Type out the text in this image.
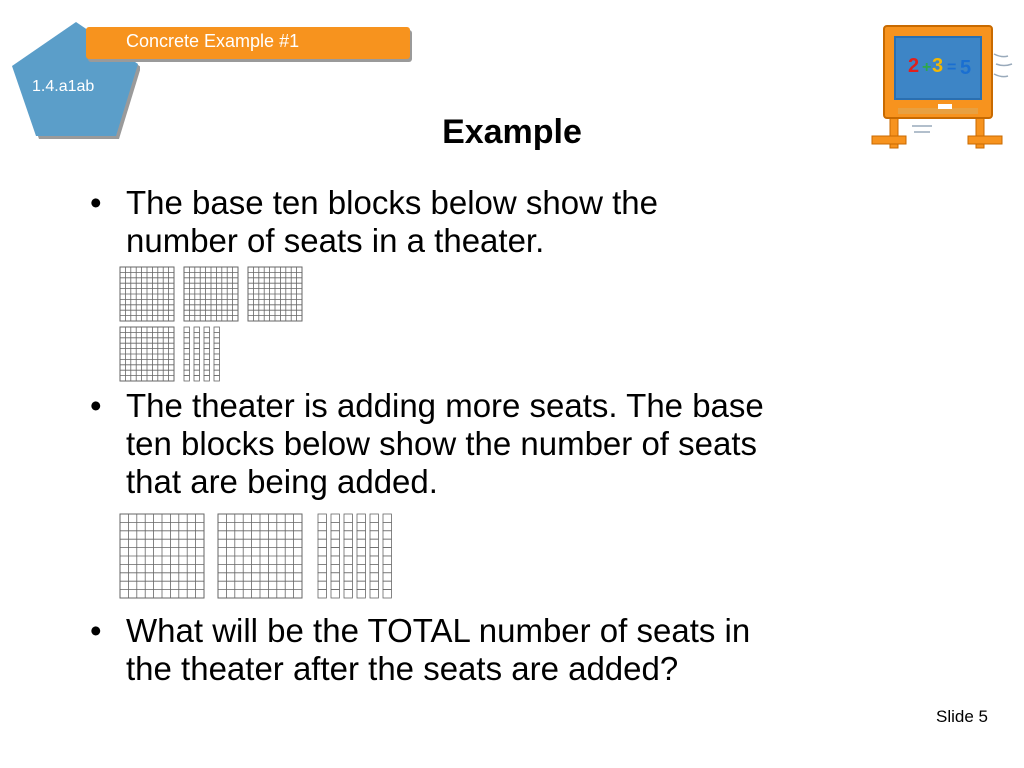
Concrete Example #1
1.4.a1ab
2 + 3 = 5
Example
• The base ten blocks below show the
number of seats in a theater.
• The theater is adding more seats. The base
ten blocks below show the number of seats
that are being added.
• What will be the TOTAL number of seats in
the theater after the seats are added?
Slide 5
